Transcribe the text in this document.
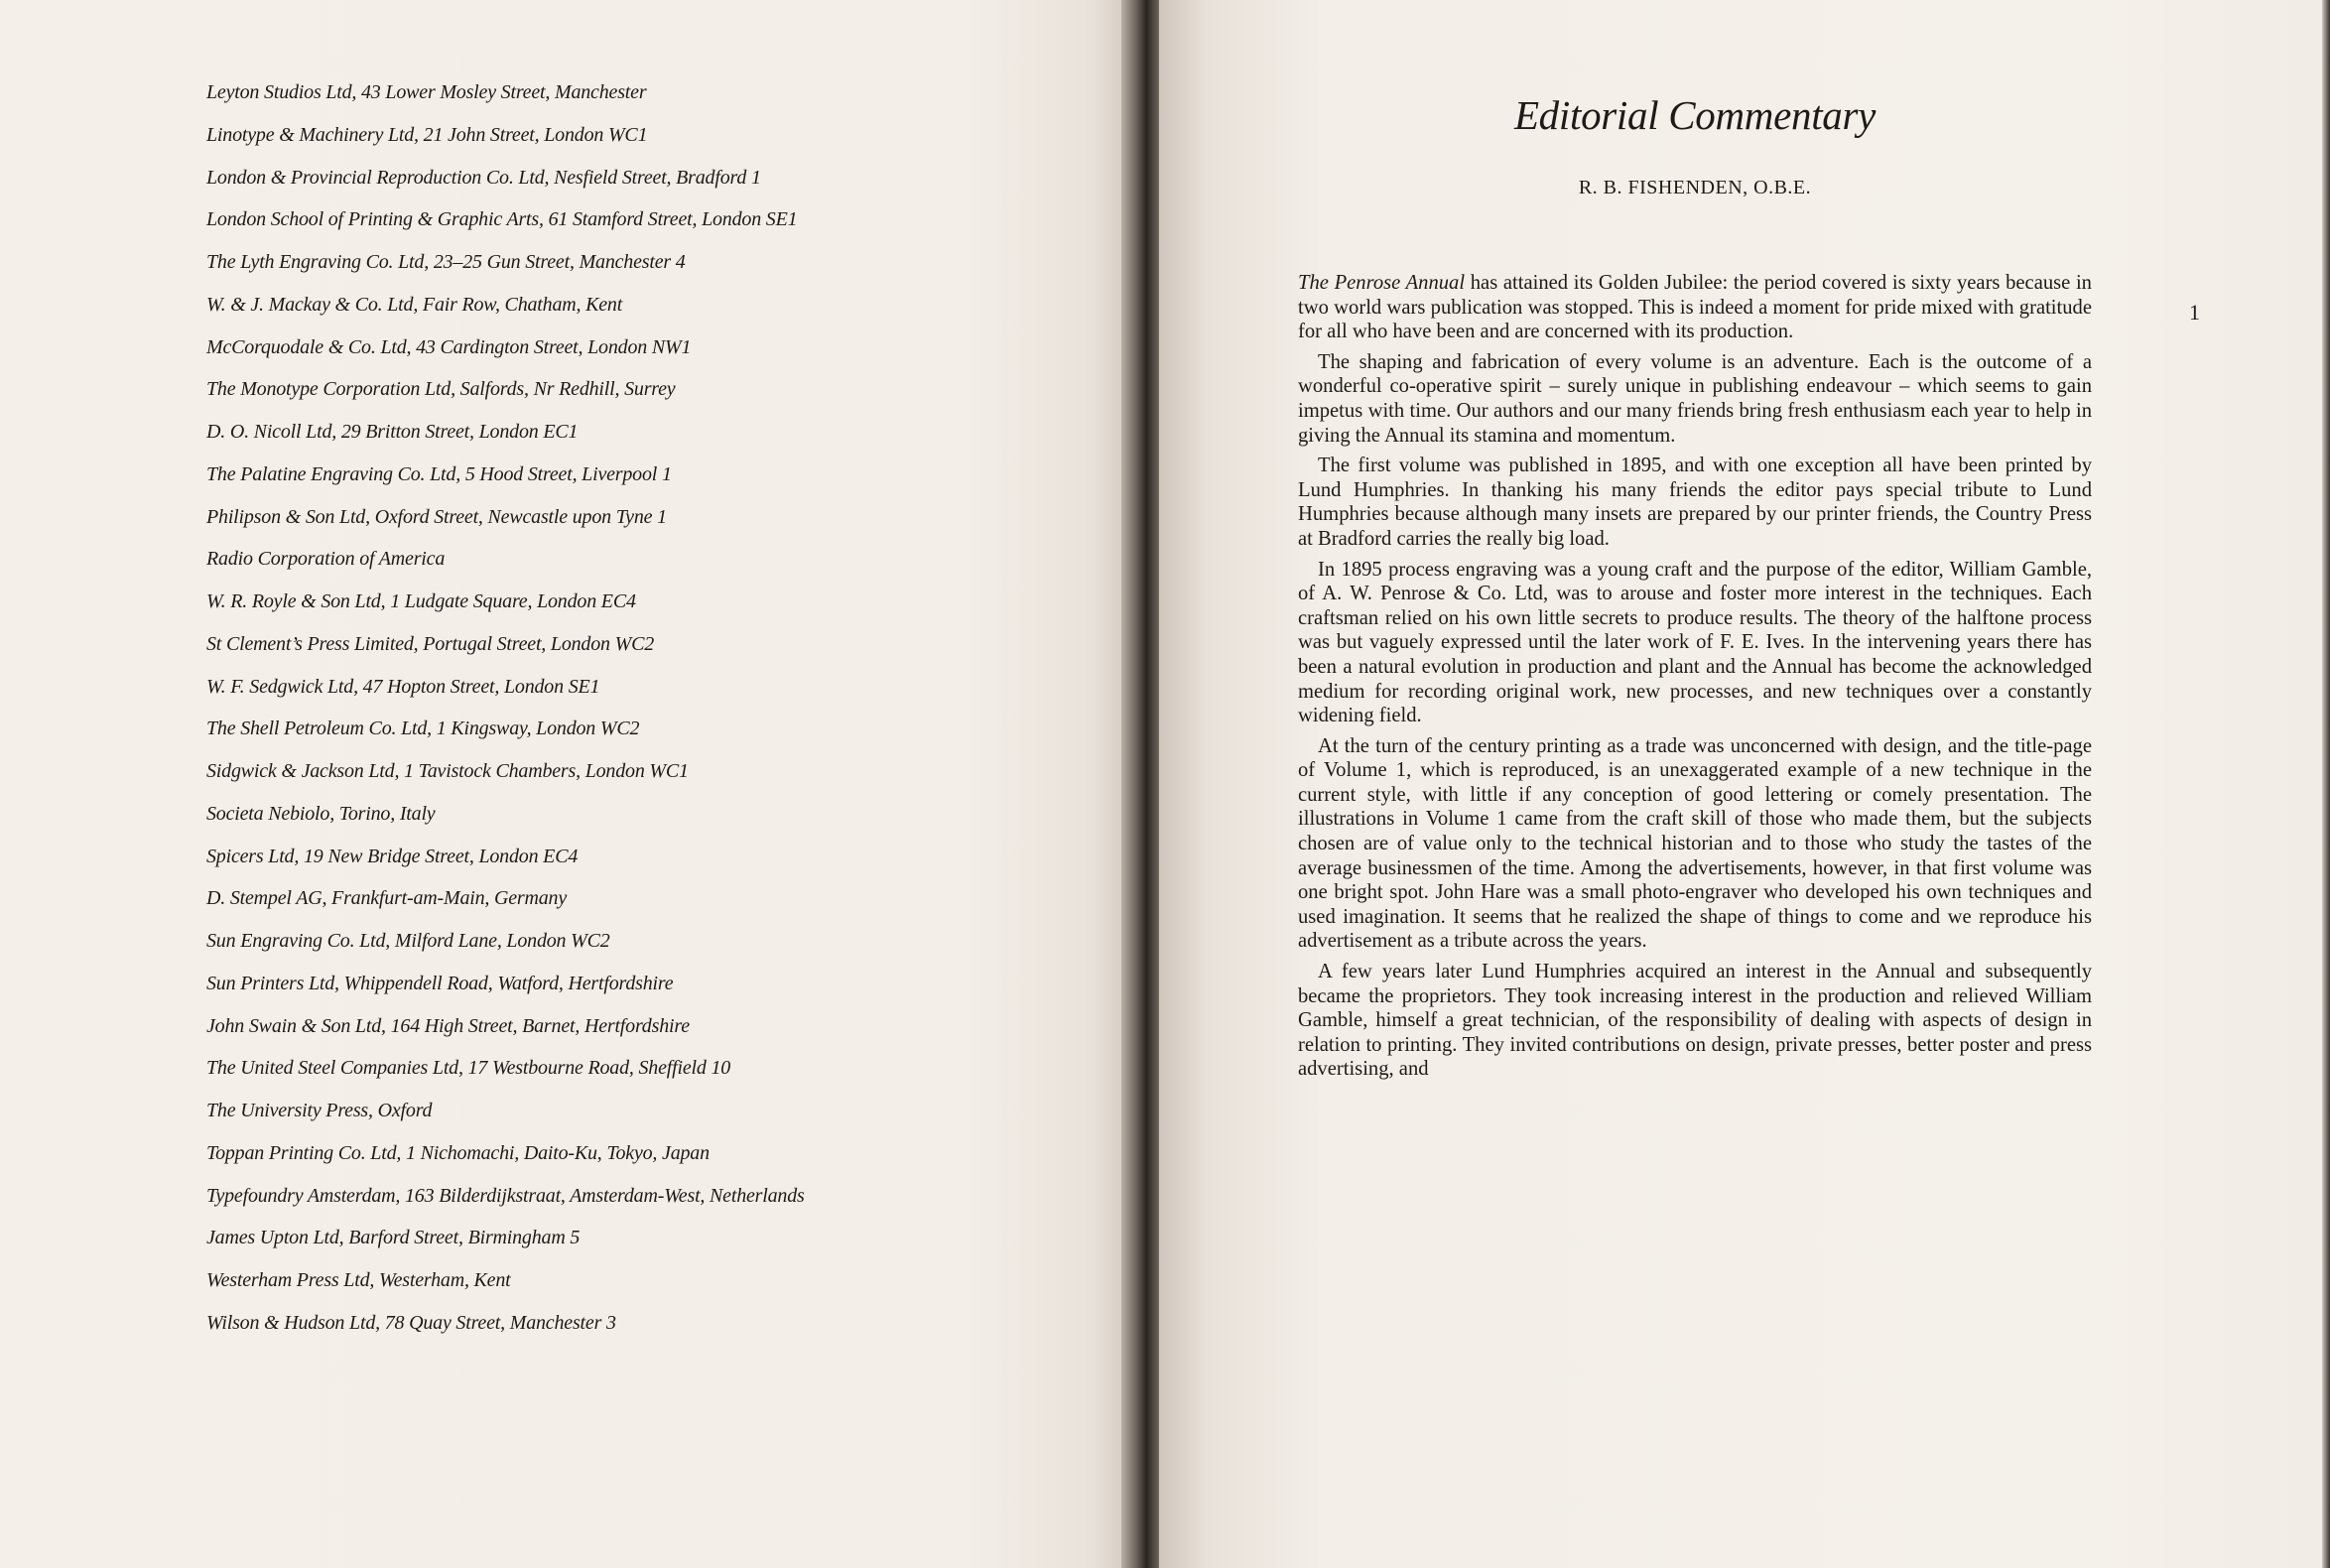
Leyton Studios Ltd, 43 Lower Mosley Street, Manchester
Linotype & Machinery Ltd, 21 John Street, London WC1
London & Provincial Reproduction Co. Ltd, Nesfield Street, Bradford 1
London School of Printing & Graphic Arts, 61 Stamford Street, London SE1
The Lyth Engraving Co. Ltd, 23–25 Gun Street, Manchester 4
W. & J. Mackay & Co. Ltd, Fair Row, Chatham, Kent
McCorquodale & Co. Ltd, 43 Cardington Street, London NW1
The Monotype Corporation Ltd, Salfords, Nr Redhill, Surrey
D. O. Nicoll Ltd, 29 Britton Street, London EC1
The Palatine Engraving Co. Ltd, 5 Hood Street, Liverpool 1
Philipson & Son Ltd, Oxford Street, Newcastle upon Tyne 1
Radio Corporation of America
W. R. Royle & Son Ltd, 1 Ludgate Square, London EC4
St Clement’s Press Limited, Portugal Street, London WC2
W. F. Sedgwick Ltd, 47 Hopton Street, London SE1
The Shell Petroleum Co. Ltd, 1 Kingsway, London WC2
Sidgwick & Jackson Ltd, 1 Tavistock Chambers, London WC1
Societa Nebiolo, Torino, Italy
Spicers Ltd, 19 New Bridge Street, London EC4
D. Stempel AG, Frankfurt-am-Main, Germany
Sun Engraving Co. Ltd, Milford Lane, London WC2
Sun Printers Ltd, Whippendell Road, Watford, Hertfordshire
John Swain & Son Ltd, 164 High Street, Barnet, Hertfordshire
The United Steel Companies Ltd, 17 Westbourne Road, Sheffield 10
The University Press, Oxford
Toppan Printing Co. Ltd, 1 Nichomachi, Daito-Ku, Tokyo, Japan
Typefoundry Amsterdam, 163 Bilderdijkstraat, Amsterdam-West, Netherlands
James Upton Ltd, Barford Street, Birmingham 5
Westerham Press Ltd, Westerham, Kent
Wilson & Hudson Ltd, 78 Quay Street, Manchester 3
Editorial Commentary
R. B. FISHENDEN, O.B.E.

The Penrose Annual has attained its Golden Jubilee: the period covered is sixty years because in two world wars publication was stopped. This is indeed a moment for pride mixed with gratitude for all who have been and are concerned with its production.

The shaping and fabrication of every volume is an adventure. Each is the outcome of a wonderful co-operative spirit – surely unique in publishing endeavour – which seems to gain impetus with time. Our authors and our many friends bring fresh enthusiasm each year to help in giving the Annual its stamina and momentum.

The first volume was published in 1895, and with one exception all have been printed by Lund Humphries. In thanking his many friends the editor pays special tribute to Lund Humphries because although many insets are prepared by our printer friends, the Country Press at Bradford carries the really big load.

In 1895 process engraving was a young craft and the purpose of the editor, William Gamble, of A. W. Penrose & Co. Ltd, was to arouse and foster more interest in the techniques. Each craftsman relied on his own little secrets to produce results. The theory of the halftone process was but vaguely expressed until the later work of F. E. Ives. In the intervening years there has been a natural evolution in production and plant and the Annual has become the acknowledged medium for recording original work, new processes, and new techniques over a constantly widening field.

At the turn of the century printing as a trade was unconcerned with design, and the title-page of Volume 1, which is reproduced, is an unexaggerated example of a new technique in the current style, with little if any conception of good lettering or comely presentation. The illustrations in Volume 1 came from the craft skill of those who made them, but the subjects chosen are of value only to the technical historian and to those who study the tastes of the average businessmen of the time. Among the advertisements, however, in that first volume was one bright spot. John Hare was a small photo-engraver who developed his own techniques and used imagination. It seems that he realized the shape of things to come and we reproduce his advertisement as a tribute across the years.

A few years later Lund Humphries acquired an interest in the Annual and subsequently became the proprietors. They took increasing interest in the production and relieved William Gamble, himself a great technician, of the responsibility of dealing with aspects of design in relation to printing. They invited contributions on design, private presses, better poster and press advertising, and

1
